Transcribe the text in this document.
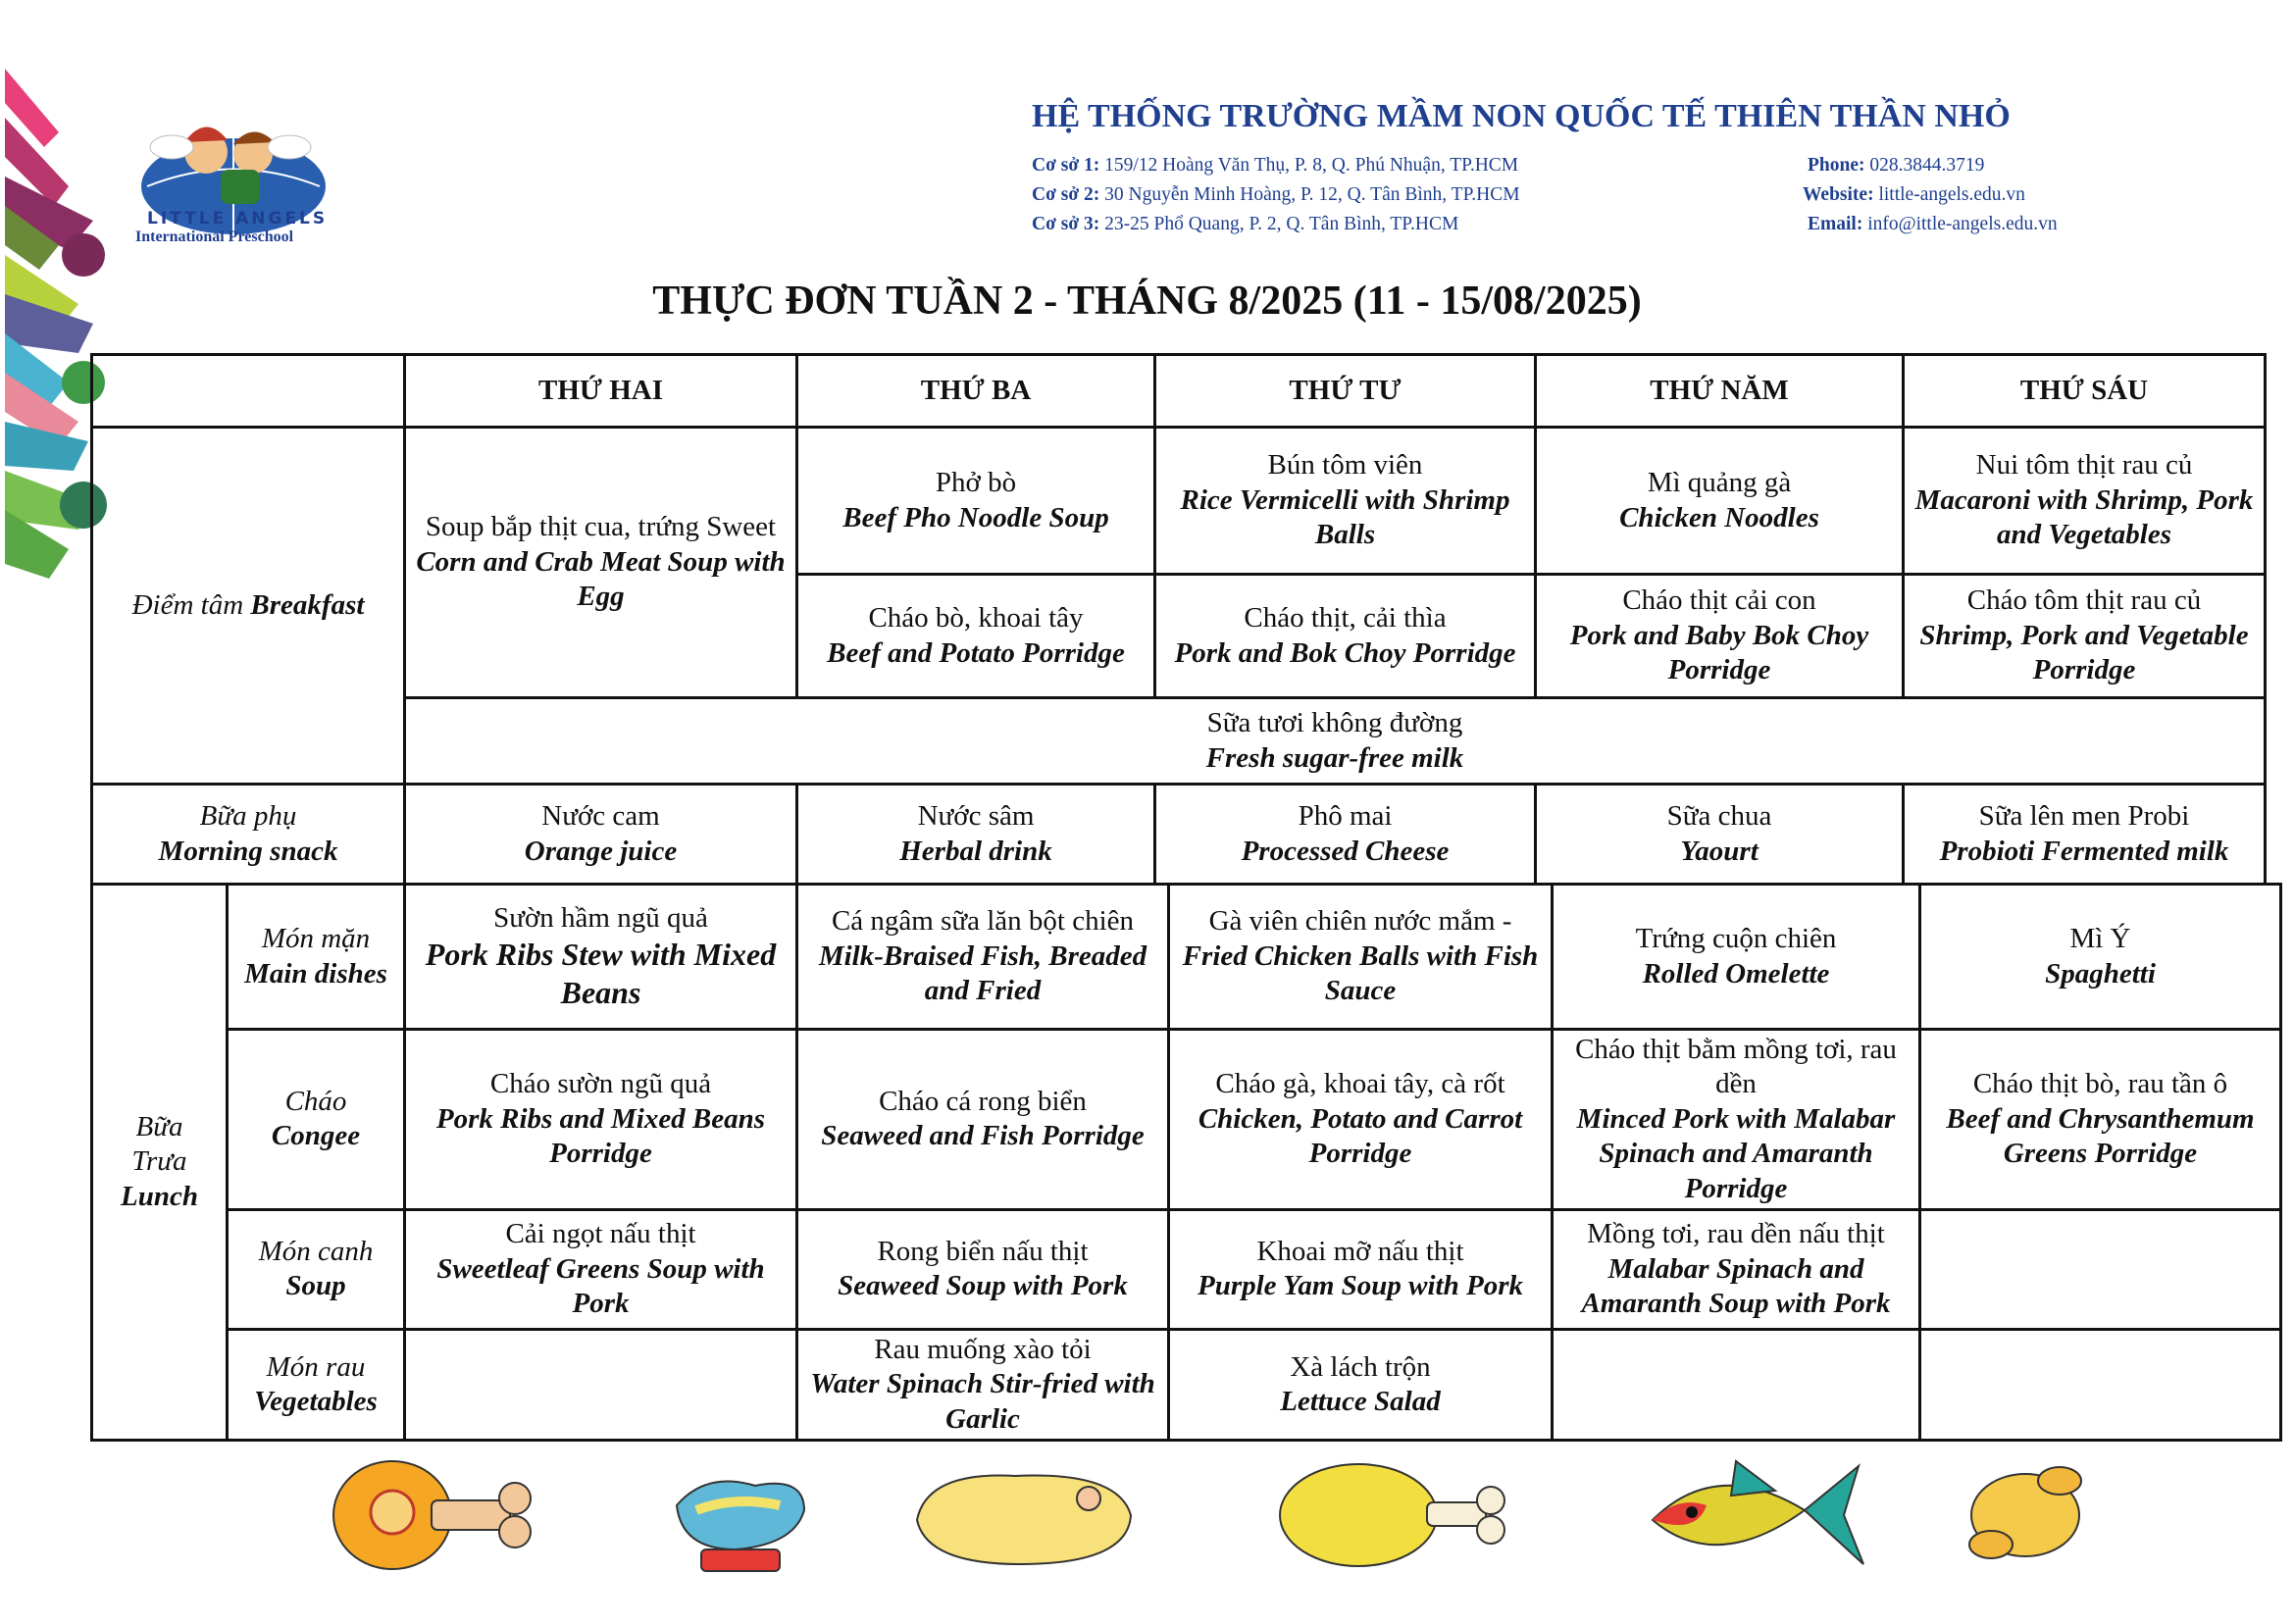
LITTLE ANGELS
International Preschool
HỆ THỐNG TRƯỜNG MẦM NON QUỐC TẾ THIÊN THẦN NHỎ
Cơ sở 1: 159/12 Hoàng Văn Thụ, P. 8, Q. Phú Nhuận, TP.HCM
Cơ sở 2: 30 Nguyễn Minh Hoàng, P. 12, Q. Tân Bình, TP.HCM
Cơ sở 3: 23-25 Phổ Quang, P. 2, Q. Tân Bình, TP.HCM
Phone: 028.3844.3719
Website: little-angels.edu.vn
Email: info@ittle-angels.edu.vn
THỰC ĐƠN TUẦN 2 - THÁNG 8/2025 (11 - 15/08/2025)
	THỨ HAI	THỨ BA	THỨ TƯ	THỨ NĂM	THỨ SÁU
Điểm tâm Breakfast	Soup bắp thịt cua, trứng Sweet
Corn and Crab Meat Soup with Egg	Phở bò
Beef Pho Noodle Soup	Bún tôm viên
Rice Vermicelli with Shrimp Balls	Mì quảng gà
Chicken Noodles	Nui tôm thịt rau củ
Macaroni with Shrimp, Pork and Vegetables

		Cháo bò, khoai tây
Beef and Potato Porridge	Cháo thịt, cải thìa
Pork and Bok Choy Porridge	Cháo thịt cải con
Pork and Baby Bok Choy Porridge	Cháo tôm thịt rau củ
Shrimp, Pork and Vegetable Porridge

	Sữa tươi không đường
Fresh sugar-free milk				

Bữa phụ
Morning snack	Nước cam
Orange juice	Nước sâm
Herbal drink	Phô mai
Processed Cheese	Sữa chua
Yaourt	Sữa lên men Probi
Probioti Fermented milk
Bữa
Trưa
Lunch	Món mặn
Main dishes	Sườn hầm ngũ quả
Pork Ribs Stew with Mixed Beans	Cá ngâm sữa lăn bột chiên
Milk-Braised Fish, Breaded and Fried	Gà viên chiên nước mắm -
Fried Chicken Balls with Fish Sauce	Trứng cuộn chiên
Rolled Omelette	Mì Ý
Spaghetti

	Cháo
Congee	Cháo sườn ngũ quả
Pork Ribs and Mixed Beans Porridge	Cháo cá rong biển
Seaweed and Fish Porridge	Cháo gà, khoai tây, cà rốt
Chicken, Potato and Carrot Porridge	Cháo thịt bằm mồng tơi, rau dền
Minced Pork with Malabar Spinach and Amaranth Porridge	Cháo thịt bò, rau tần ô
Beef and Chrysanthemum Greens Porridge

	Món canh
Soup	Cải ngọt nấu thịt
Sweetleaf Greens Soup with Pork	Rong biển nấu thịt
Seaweed Soup with Pork	Khoai mỡ nấu thịt
Purple Yam Soup with Pork	Mồng tơi, rau dền nấu thịt
Malabar Spinach and Amaranth Soup with Pork	

	Món rau
Vegetables		Rau muống xào tỏi
Water Spinach Stir-fried with Garlic	Xà lách trộn
Lettuce Salad		
